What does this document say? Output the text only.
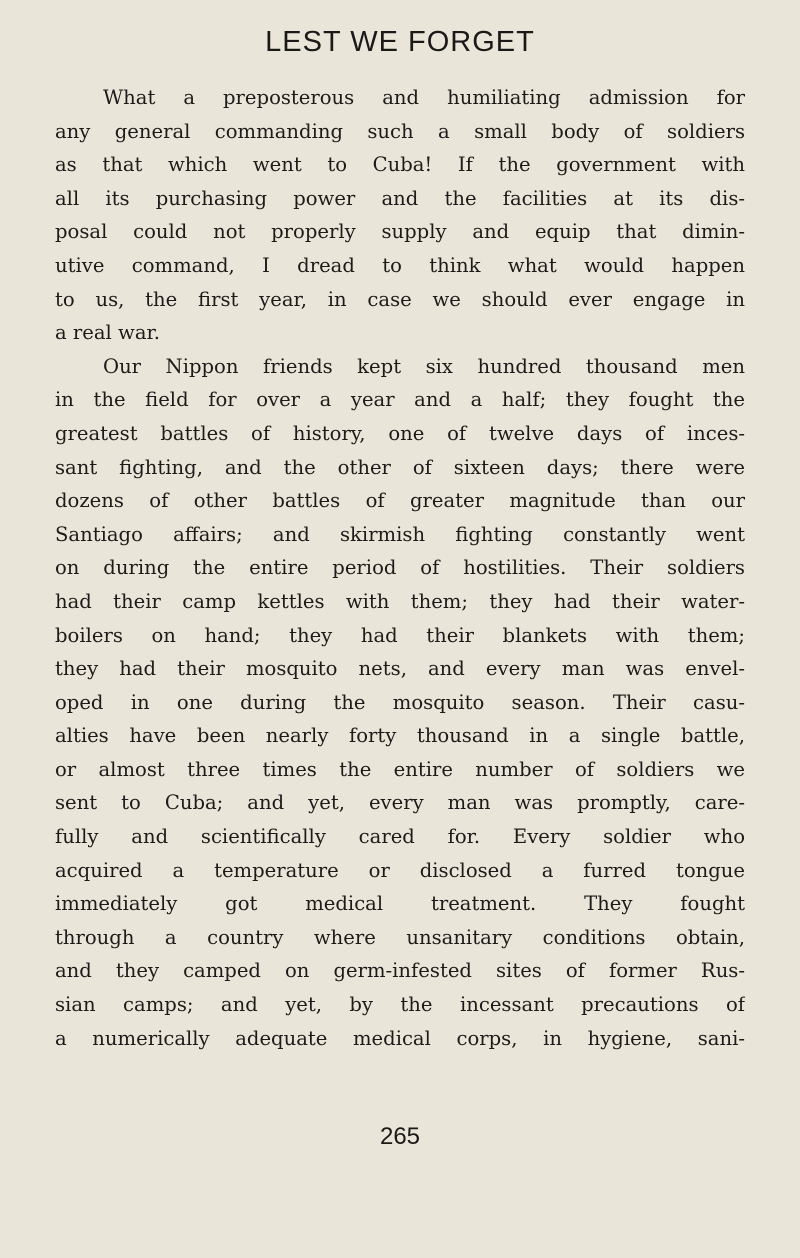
LEST WE FORGET
What a preposterous and humiliating admission for
any general commanding such a small body of soldiers
as that which went to Cuba! If the government with
all its purchasing power and the facilities at its dis-
posal could not properly supply and equip that dimin-
utive command, I dread to think what would happen
to us, the first year, in case we should ever engage in
a real war.
Our Nippon friends kept six hundred thousand men
in the field for over a year and a half; they fought the
greatest battles of history, one of twelve days of inces-
sant fighting, and the other of sixteen days; there were
dozens of other battles of greater magnitude than our
Santiago affairs; and skirmish fighting constantly went
on during the entire period of hostilities. Their soldiers
had their camp kettles with them; they had their water-
boilers on hand; they had their blankets with them;
they had their mosquito nets, and every man was envel-
oped in one during the mosquito season. Their casu-
alties have been nearly forty thousand in a single battle,
or almost three times the entire number of soldiers we
sent to Cuba; and yet, every man was promptly, care-
fully and scientifically cared for. Every soldier who
acquired a temperature or disclosed a furred tongue
immediately got medical treatment. They fought
through a country where unsanitary conditions obtain,
and they camped on germ-infested sites of former Rus-
sian camps; and yet, by the incessant precautions of
a numerically adequate medical corps, in hygiene, sani-
265
